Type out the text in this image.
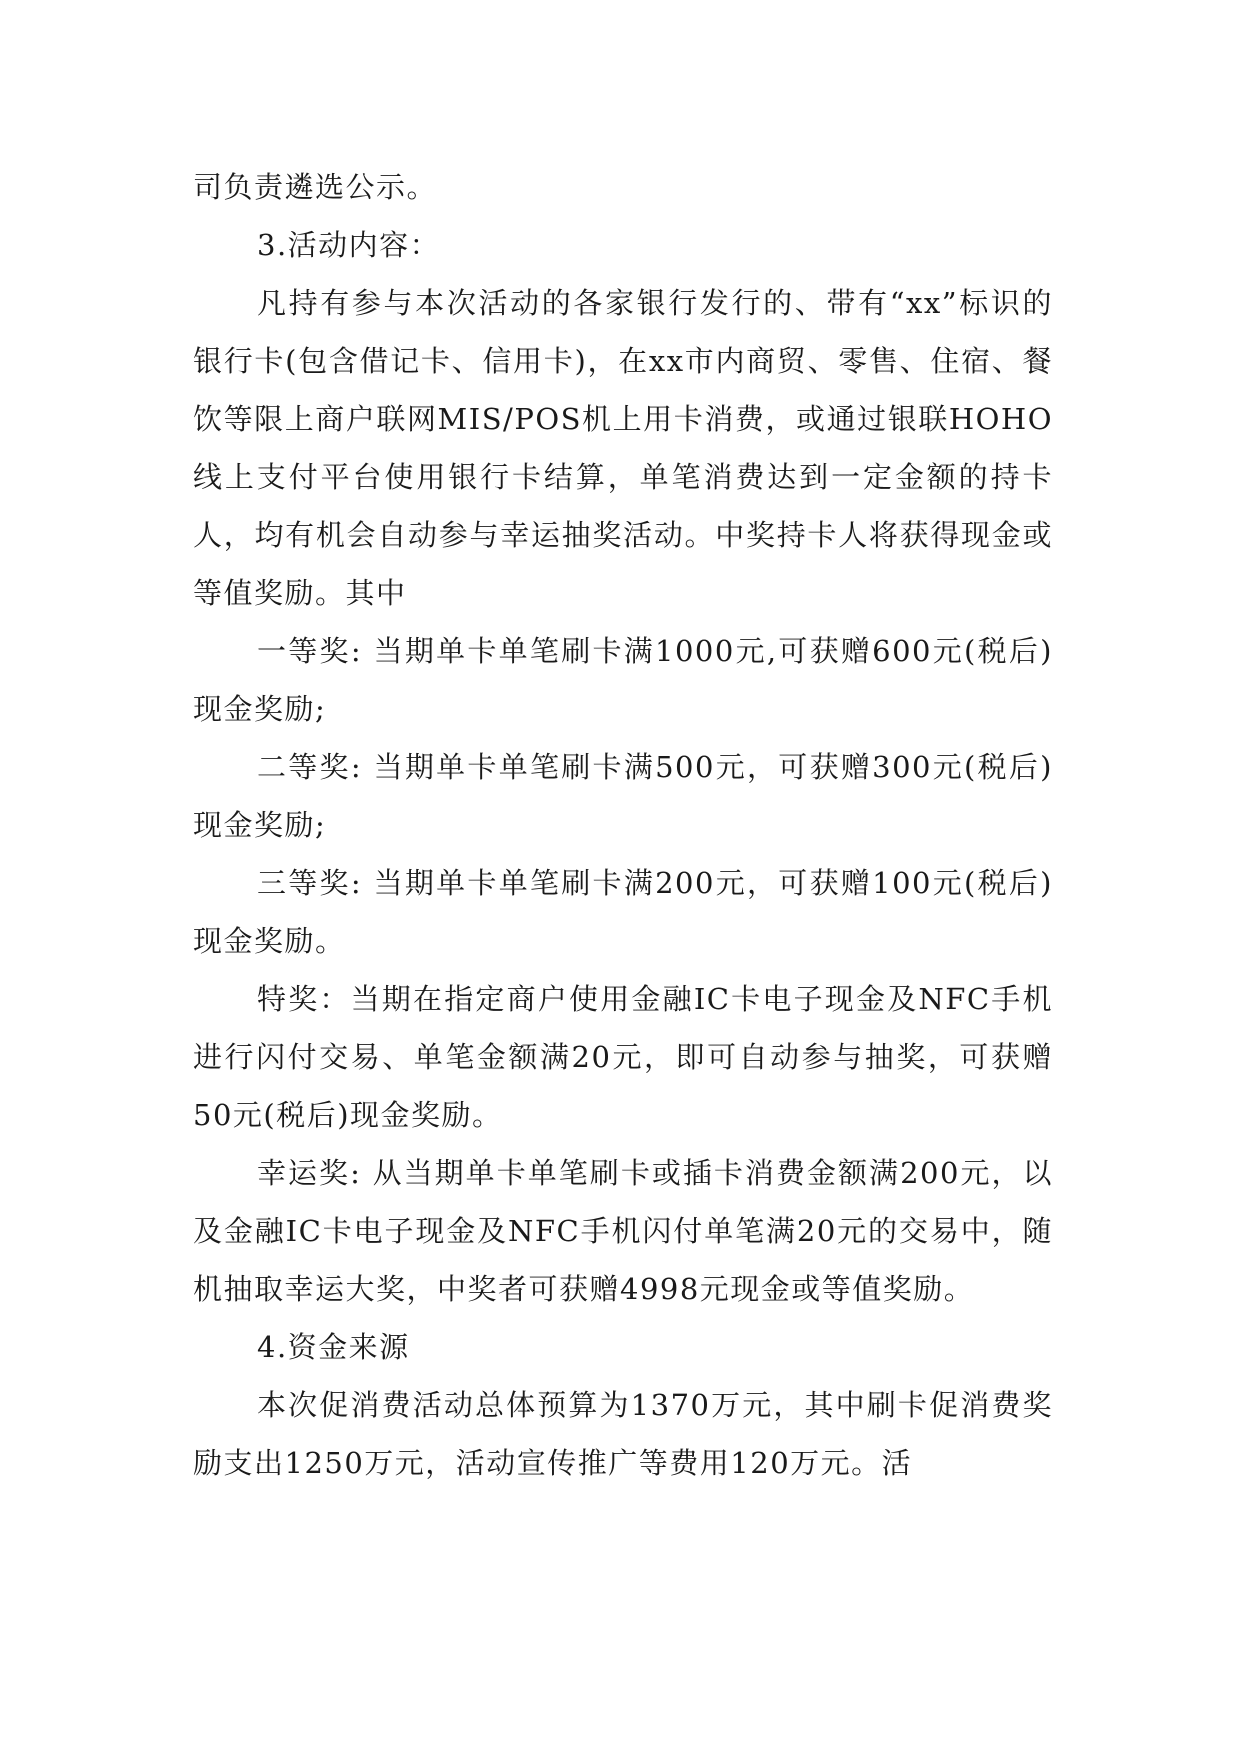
司负责遴选公示。

3.活动内容：

凡持有参与本次活动的各家银行发行的、带有“xx”标识的银行卡(包含借记卡、信用卡)，在xx市内商贸、零售、住宿、餐饮等限上商户联网MIS/POS机上用卡消费，或通过银联HOHO线上支付平台使用银行卡结算，单笔消费达到一定金额的持卡人，均有机会自动参与幸运抽奖活动。中奖持卡人将获得现金或等值奖励。其中

一等奖: 当期单卡单笔刷卡满1000元,可获赠600元(税后)现金奖励;

二等奖: 当期单卡单笔刷卡满500元，可获赠300元(税后)现金奖励;

三等奖: 当期单卡单笔刷卡满200元，可获赠100元(税后)现金奖励。

特奖：当期在指定商户使用金融IC卡电子现金及NFC手机进行闪付交易、单笔金额满20元，即可自动参与抽奖，可获赠50元(税后)现金奖励。

幸运奖: 从当期单卡单笔刷卡或插卡消费金额满200元，以及金融IC卡电子现金及NFC手机闪付单笔满20元的交易中，随机抽取幸运大奖，中奖者可获赠4998元现金或等值奖励。

4.资金来源

本次促消费活动总体预算为1370万元，其中刷卡促消费奖励支出1250万元，活动宣传推广等费用120万元。活
